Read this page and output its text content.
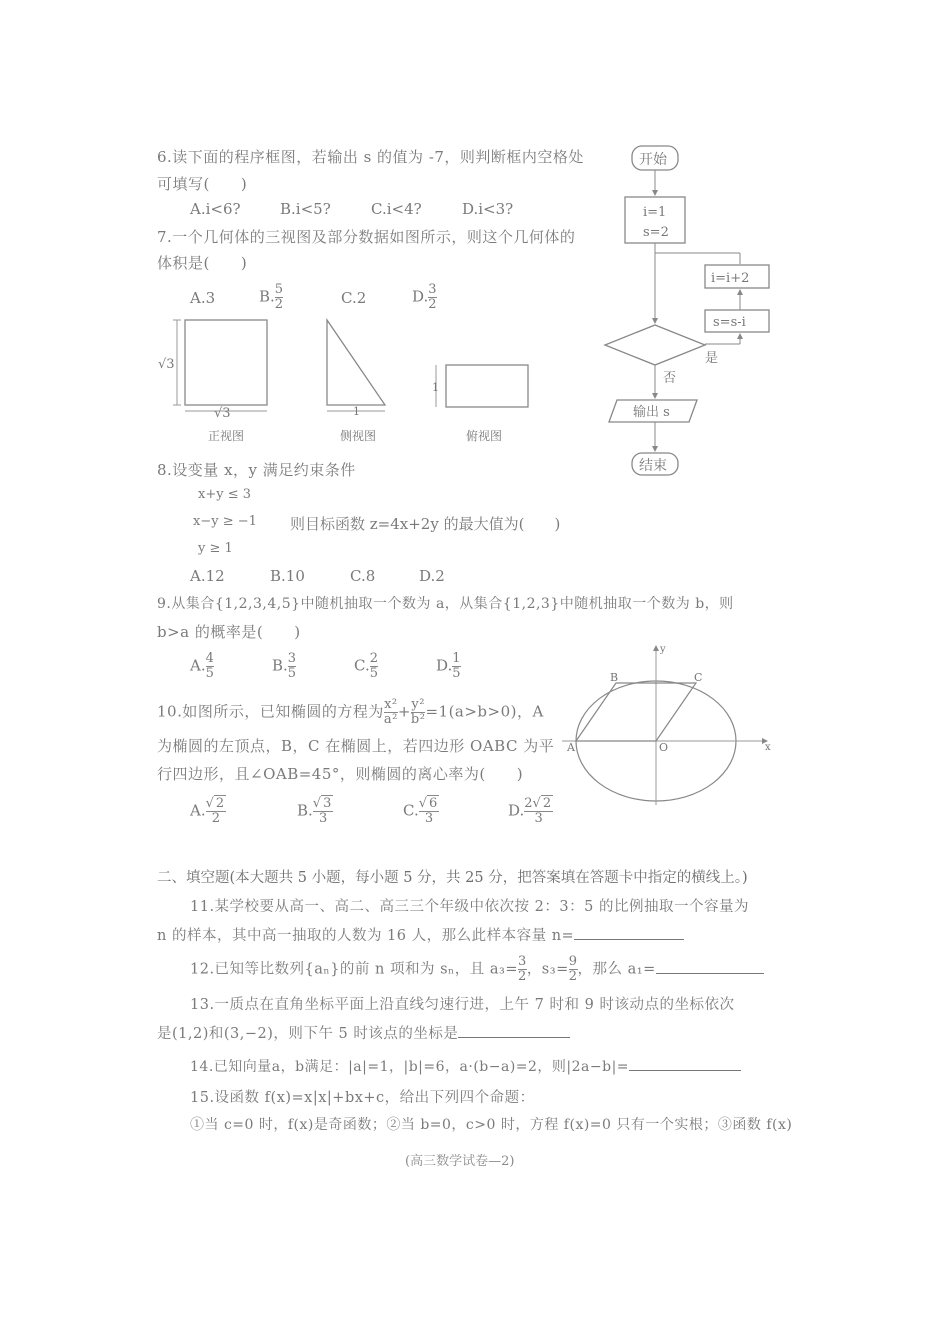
6.读下面的程序框图，若输出 s 的值为 -7，则判断框内空格处
可填写(　　)
A.i<6?	B.i<5?	C.i<4?	D.i<3?
7.一个几何体的三视图及部分数据如图所示，则这个几何体的
体积是(　　)
A.3	B. $\frac{5}{2}$	C.2	D. $\frac{3}{2}$
√3
√3	1
1
正视图	侧视图	俯视图
开始
i=1
s=2
i=i+2
s=s-i
是
否
输出 s
结束
8.设变量 x，y 满足约束条件
x+y ≤ 3
x−y ≥ −1 则目标函数 z=4x+2y 的最大值为(　　)
y ≥ 1
A.12	B.10	C.8	D.2
9.从集合{1,2,3,4,5}中随机抽取一个数为 a，从集合{1,2,3}中随机抽取一个数为 b，则
b>a 的概率是(　　)
A. $\frac{4}{5}$	B. $\frac{3}{5}$	C. $\frac{2}{5}$	D. $\frac{1}{5}$
10.如图所示，已知椭圆的方程为 $\frac{\text{x²}}{\text{a²}} + \frac{\text{y²}}{\text{b²}} =1(a>b>0)$，A
为椭圆的左顶点，B，C 在椭圆上，若四边形 OABC 为平
行四边形，且∠OAB=45°，则椭圆的离心率为(　　)
A. $\frac{√ 2}{2}$	B. $\frac{√ 3}{3}$	C. $\frac{√ 6}{3}$	D. $\frac{2√ 2}{3}$
A
B	C
O	x
y
二、填空题(本大题共 5 小题，每小题 5 分，共 25 分，把答案填在答题卡中指定的横线上。)
11.某学校要从高一、高二、高三三个年级中依次按 2：3：5 的比例抽取一个容量为
n 的样本，其中高一抽取的人数为 16 人，那么此样本容量 n=
12.已知等比数列{aₙ}的前 n 项和为 sₙ，且 $a_3= \frac{3}{2}$ ，$s_3= \frac{9}{2}$ ，那么 a₁=
13.一质点在直角坐标平面上沿直线匀速行进，上午 7 时和 9 时该动点的坐标依次
是(1,2)和(3,−2)，则下午 5 时该点的坐标是
14.已知向量a，b满足：|a|=1，|b|=6，a·(b−a)=2，则|2a−b|=
15.设函数 f(x)=x|x|+bx+c，给出下列四个命题：
①当 c=0 时，f(x)是奇函数；②当 b=0，c>0 时，方程 f(x)=0 只有一个实根；③函数 f(x)
(高三数学试卷—2)
